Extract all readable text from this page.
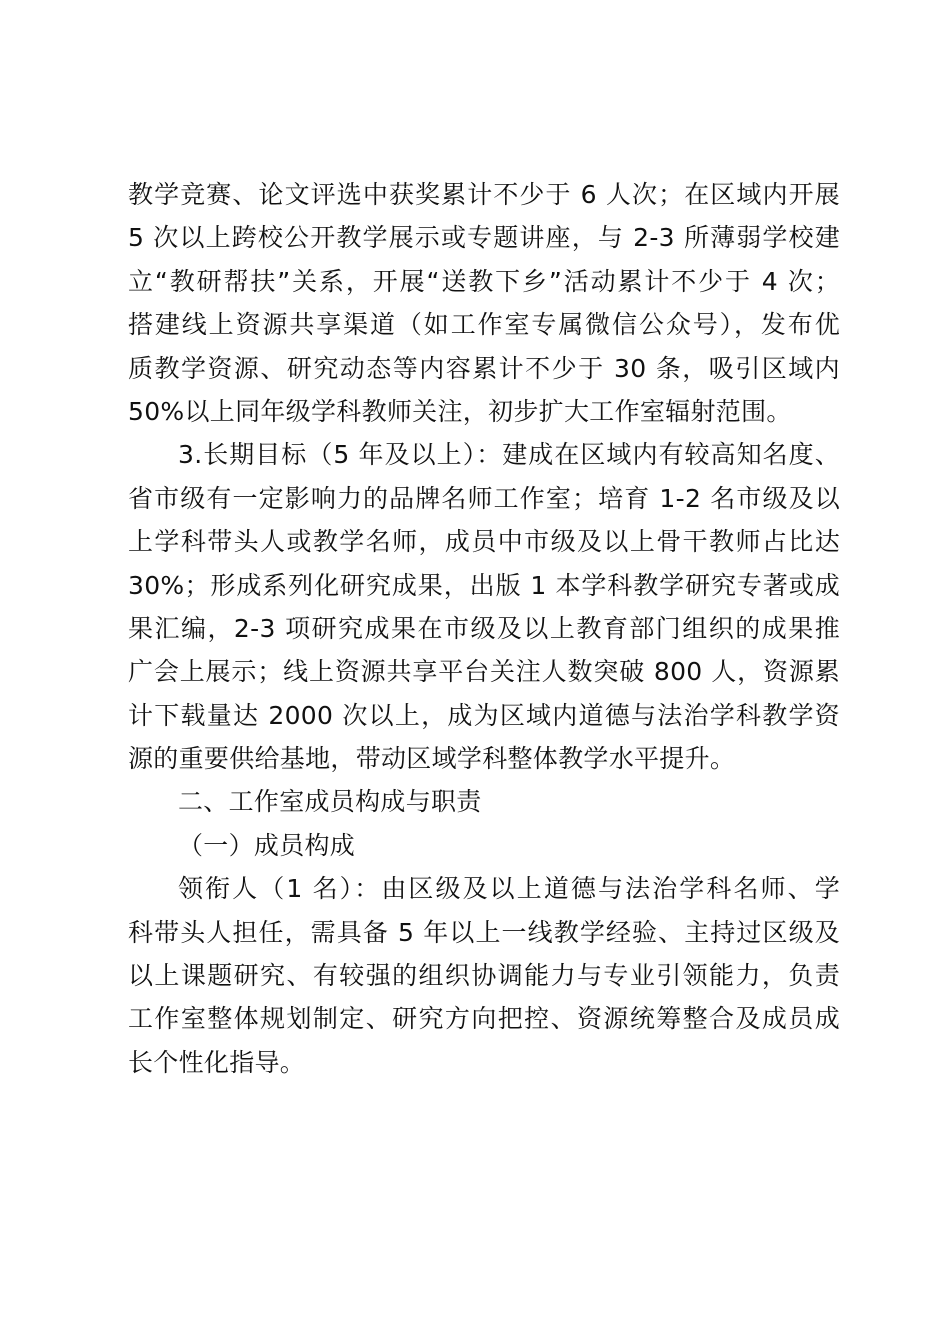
教学竞赛、论文评选中获奖累计不少于 6 人次；在区域内开展
5 次以上跨校公开教学展示或专题讲座，与 2-3 所薄弱学校建
立“教研帮扶”关系，开展“送教下乡”活动累计不少于 4 次；
搭建线上资源共享渠道（如工作室专属微信公众号），发布优
质教学资源、研究动态等内容累计不少于 30 条，吸引区域内
50%以上同年级学科教师关注，初步扩大工作室辐射范围。
3.长期目标（5 年及以上）：建成在区域内有较高知名度、
省市级有一定影响力的品牌名师工作室；培育 1-2 名市级及以
上学科带头人或教学名师，成员中市级及以上骨干教师占比达
30%；形成系列化研究成果，出版 1 本学科教学研究专著或成
果汇编，2-3 项研究成果在市级及以上教育部门组织的成果推
广会上展示；线上资源共享平台关注人数突破 800 人，资源累
计下载量达 2000 次以上，成为区域内道德与法治学科教学资
源的重要供给基地，带动区域学科整体教学水平提升。
二、工作室成员构成与职责
（一）成员构成
领衔人（1 名）：由区级及以上道德与法治学科名师、学
科带头人担任，需具备 5 年以上一线教学经验、主持过区级及
以上课题研究、有较强的组织协调能力与专业引领能力，负责
工作室整体规划制定、研究方向把控、资源统筹整合及成员成
长个性化指导。
